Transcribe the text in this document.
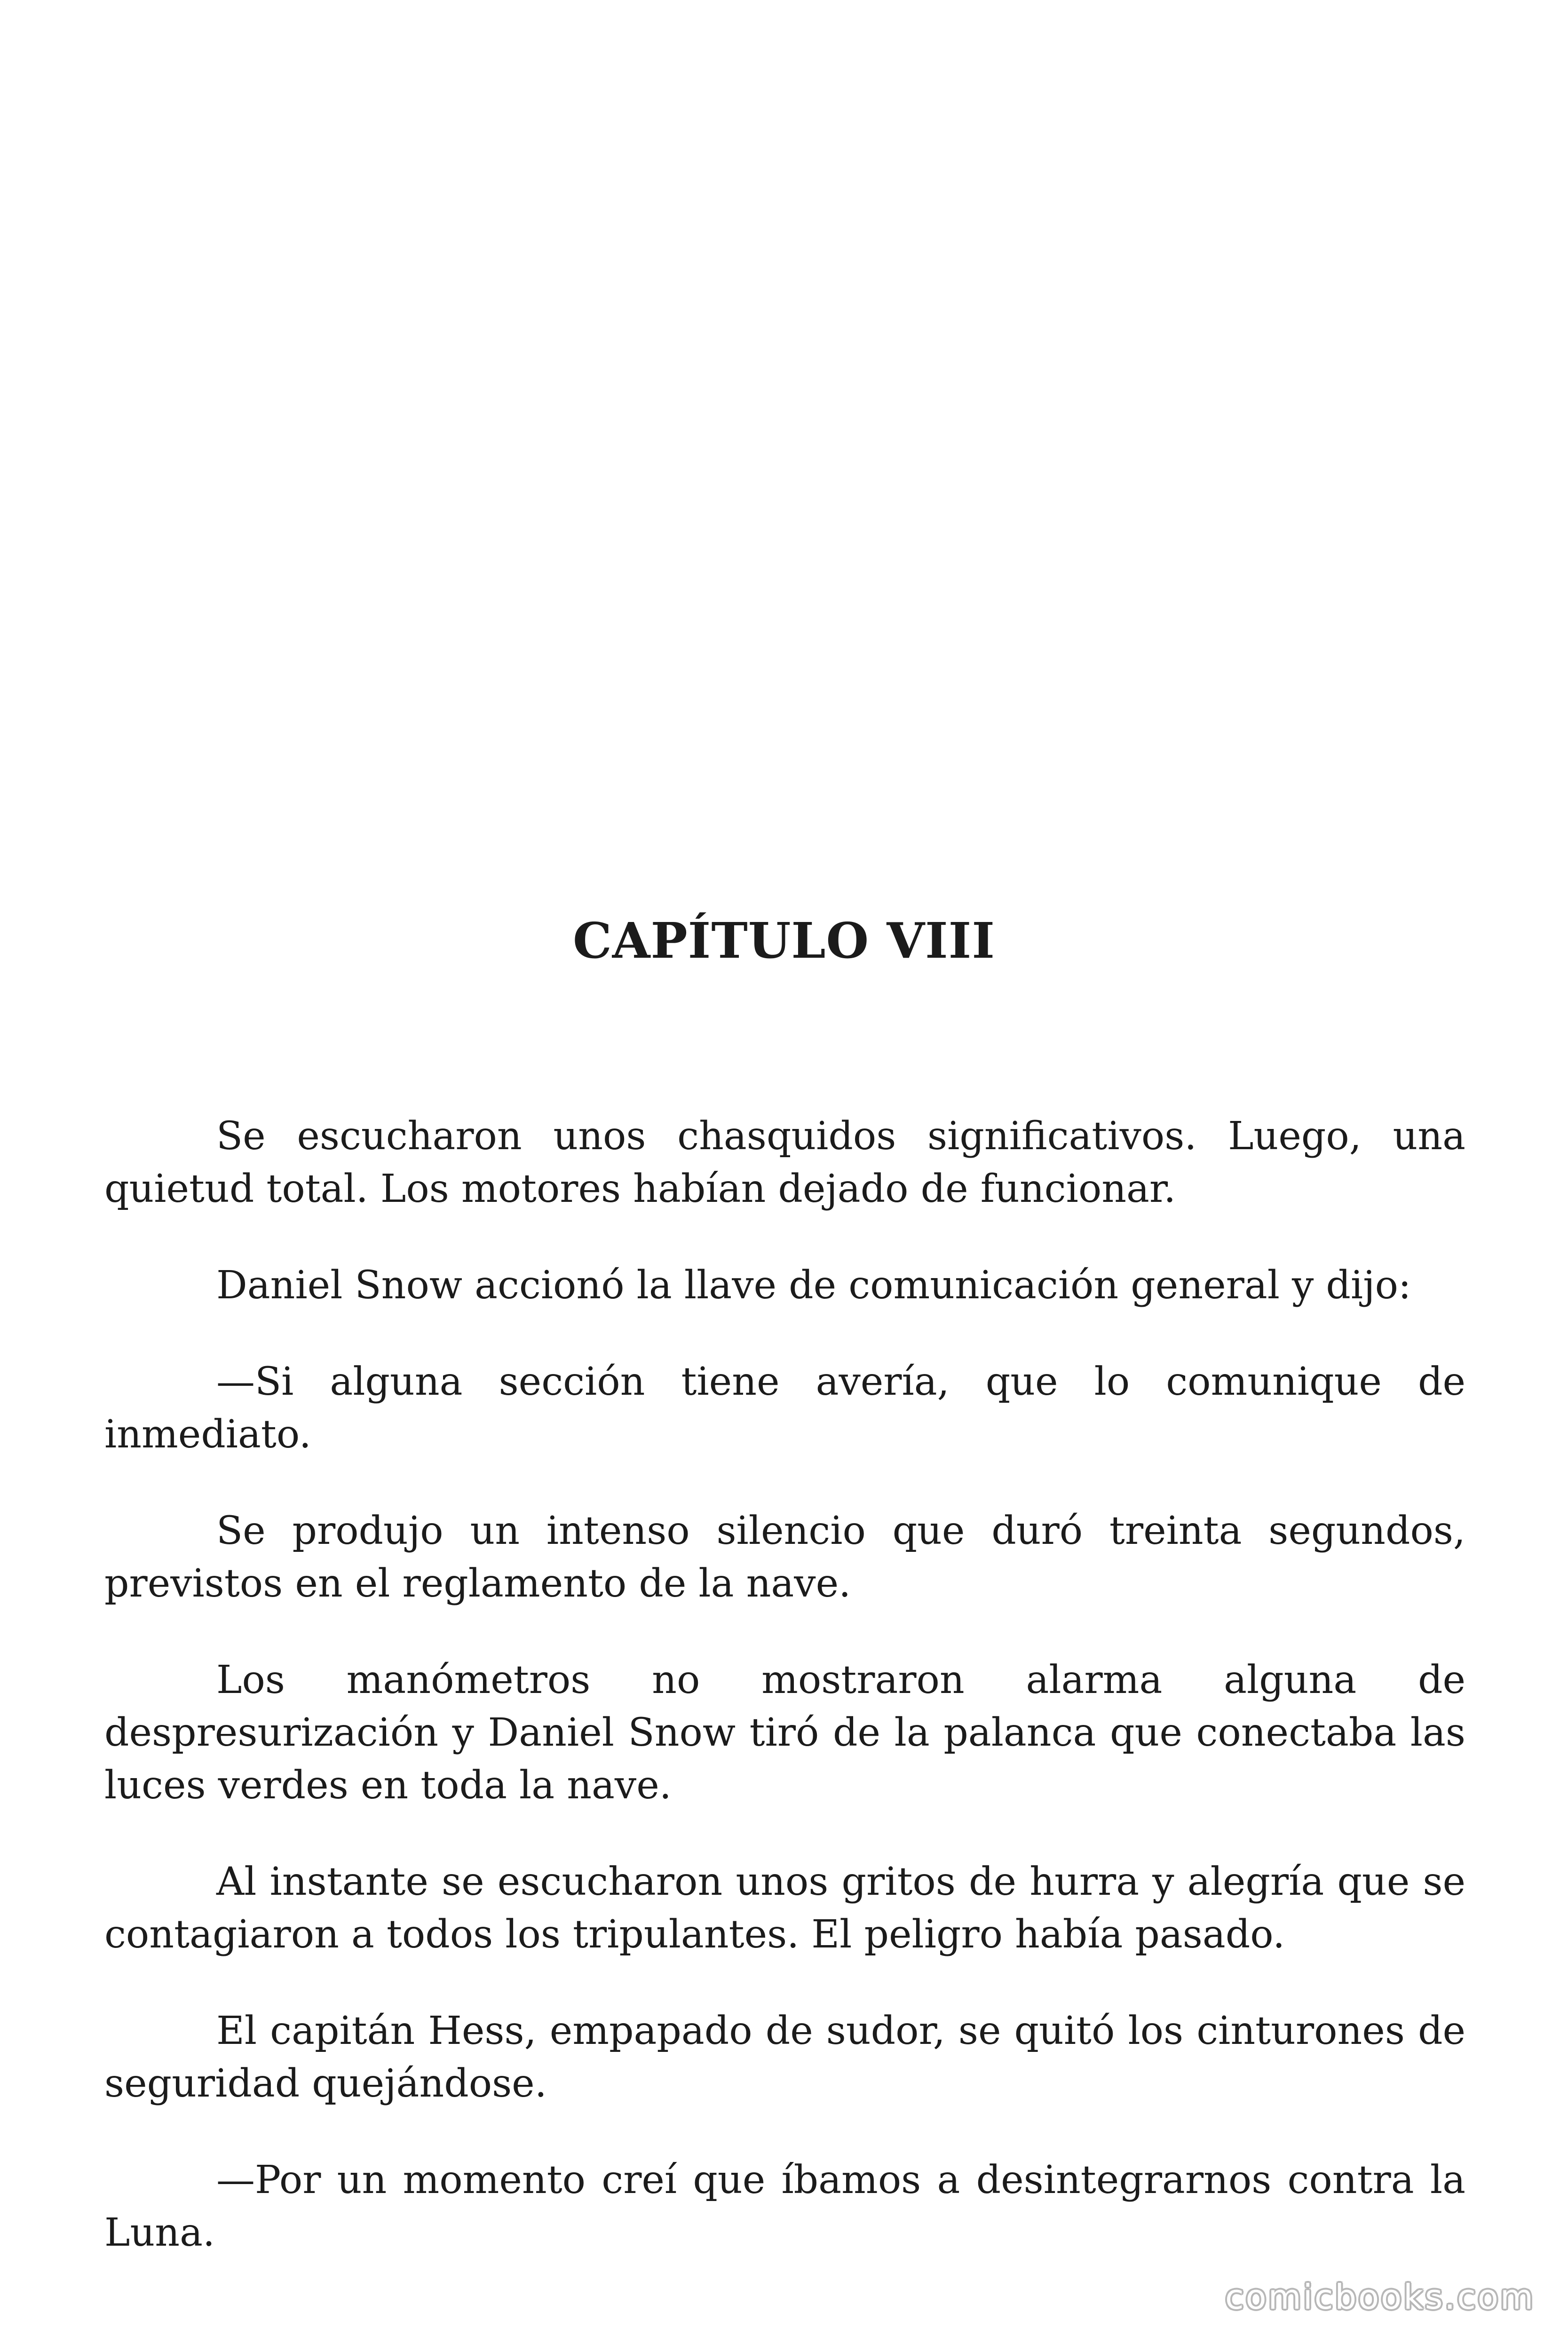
CAPÍTULO VIII

Se escucharon unos chasquidos significativos. Luego, una quietud total. Los motores habían dejado de funcionar.

Daniel Snow accionó la llave de comunicación general y dijo:

—Si alguna sección tiene avería, que lo comunique de inmediato.

Se produjo un intenso silencio que duró treinta segundos, previstos en el reglamento de la nave.

Los manómetros no mostraron alarma alguna de despresurización y Daniel Snow tiró de la palanca que conectaba las luces verdes en toda la nave.

Al instante se escucharon unos gritos de hurra y alegría que se contagiaron a todos los tripulantes. El peligro había pasado.

El capitán Hess, empapado de sudor, se quitó los cinturones de seguridad quejándose.

—Por un momento creí que íbamos a desintegrarnos contra la Luna.

comicbooks.com
